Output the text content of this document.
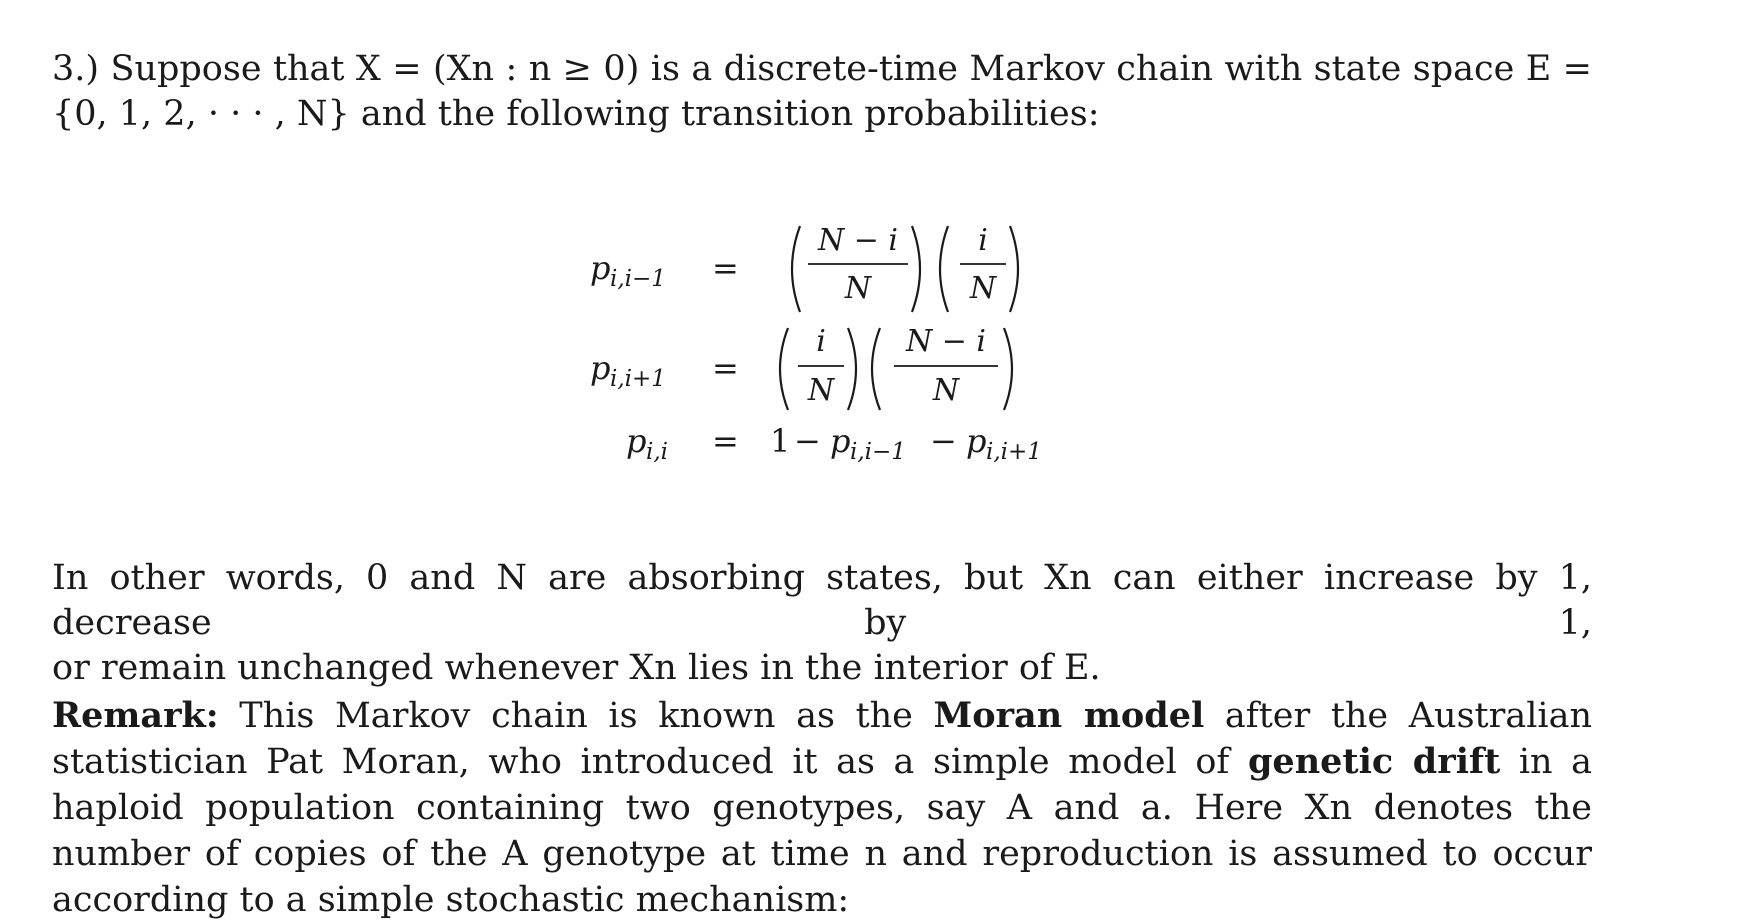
3.) Suppose that X = (Xn : n ≥ 0) is a discrete-time Markov chain with state space E =
{0, 1, 2, · · · , N} and the following transition probabilities:
p i,i−1 =
N − i
N
i
N
p i,i+1 =
i
N
N − i
N
p i,i = 1 − p i,i−1 − p i,i+1
In other words, 0 and N are absorbing states, but Xn can either increase by 1, decrease by 1,
or remain unchanged whenever Xn lies in the interior of E.
Remark: This Markov chain is known as the Moran model after the Australian statistician Pat Moran, who introduced it as a simple model of genetic drift in a haploid population containing two genotypes, say A and a. Here Xn denotes the number of copies of the A genotype at time n and reproduction is assumed to occur according to a simple stochastic mechanism:
